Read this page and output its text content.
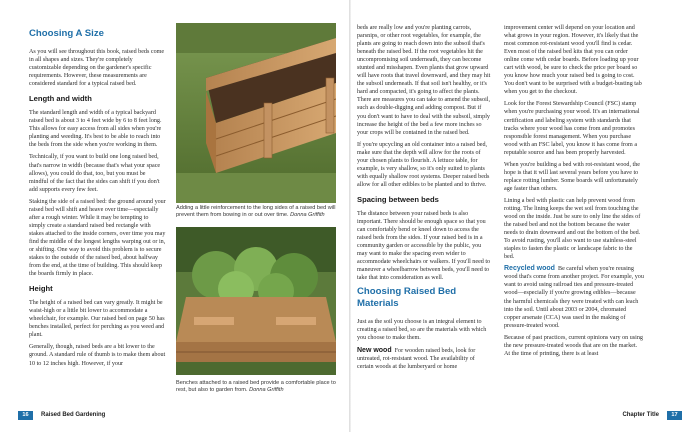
Choosing A Size

As you will see throughout this book, raised beds come in all shapes and sizes. They're completely customizable depending on the gardener's specific requirements. However, these measurements are considered standard for a typical raised bed.

Length and width

The standard length and width of a typical backyard raised bed is about 3 to 4 feet wide by 6 to 8 feet long. This allows for easy access from all sides when you're planting and weeding. It's best to be able to reach into the beds from the side when you're working in them.

Technically, if you want to build one long raised bed, that's narrow in width (because that's what your space allows), you could do that, too, but you must be mindful of the fact that the sides can shift if you don't add supports every few feet.

Staking the side of a raised bed: the ground around your raised bed will shift and heave over time—especially after a rough winter. While it may be tempting to simply create a standard raised bed rectangle with stakes attached to the inside corners, over time you may find the middle of the longest lengths warping out or in, or shifting. One way to avoid this problem is to secure stakes to the outside of the raised bed, about halfway from the end, at the time of building. This should keep the boards firmly in place.

Height

The height of a raised bed can vary greatly. It might be waist-high or a little bit lower to accommodate a wheelchair, for example. Our raised bed on page 50 has benches installed, perfect for perching as you weed and plant.

Generally, though, raised beds are a bit lower to the ground. A standard rule of thumb is to make them about 10 to 12 inches high. However, if your

Adding a little reinforcement to the long sides of a raised bed will prevent them from bowing in or out over time. Donna Griffith
Benches attached to a raised bed provide a comfortable place to rest, but also to garden from. Donna Griffith

beds are really low and you're planting carrots, parsnips, or other root vegetables, for example, the plants are going to reach down into the subsoil that's beneath the raised bed. If the root vegetables hit the uncompromising soil underneath, they can become stunted and misshapen. Even plants that grow upward will have roots that travel downward, and they may hit the subsoil underneath. If that soil isn't healthy, or it's hard and compacted, it's going to affect the plants. There are measures you can take to amend the subsoil, such as double-digging and adding compost. But if you don't want to have to deal with the subsoil, simply increase the height of the bed a few more inches so your crops will be contained in the raised bed.

If you're upcycling an old container into a raised bed, make sure that the depth will allow for the roots of your chosen plants to flourish. A lettuce table, for example, is very shallow, so it's only suited to plants with equally shallow root systems. Deeper raised beds allow for all other edibles to be planted and to thrive.

Spacing between beds

The distance between your raised beds is also important. There should be enough space so that you can comfortably bend or kneel down to access the raised beds from the sides. If your raised bed is in a community garden or accessible by the public, you may want to make the spacing even wider to accommodate wheelchairs or walkers. If you'll need to maneuver a wheelbarrow between beds, you'll need to take that into consideration as well.

Choosing Raised Bed Materials

Just as the soil you choose is an integral element to creating a raised bed, so are the materials with which you choose to make them.

New wood For wooden raised beds, look for untreated, rot-resistant wood. The availability of certain woods at the lumberyard or home

improvement center will depend on your location and what grows in your region. However, it's likely that the most common rot-resistant wood you'll find is cedar. Even most of the raised bed kits that you can order online come with cedar boards. Before loading up your cart with wood, be sure to check the price per board so you know how much your raised bed is going to cost. You don't want to be surprised with a budget-busting tab when you get to the checkout.

Look for the Forest Stewardship Council (FSC) stamp when you're purchasing your wood. It's an international certification and labeling system with standards that tracks where your wood has come from and promotes responsible forest management. When you purchase wood with an FSC label, you know it has come from a reputable source and has been properly harvested.

When you're building a bed with rot-resistant wood, the hope is that it will last several years before you have to replace rotting lumber. Some boards will unfortunately age faster than others.

Lining a bed with plastic can help prevent wood from rotting. The lining keeps the wet soil from touching the wood on the inside. Just be sure to only line the sides of the raised bed and not the bottom because the water needs to drain downward and out the bottom of the bed. To avoid rusting, you'll also want to use stainless-steel staples to fasten the plastic or landscape fabric to the bed.

Recycled wood Be careful when you're reusing wood that's come from another project. For example, you want to avoid using railroad ties and pressure-treated wood—especially if you're growing edibles—because the harmful chemicals they were treated with can leach into the soil. Until about 2003 or 2004, chromated copper arsenate (CCA) was used in the making of pressure-treated wood.

Because of past practices, current opinions vary on using the new pressure-treated woods that are on the market. At the time of printing, there is at least

16	Raised Bed Gardening	Chapter Title	17
